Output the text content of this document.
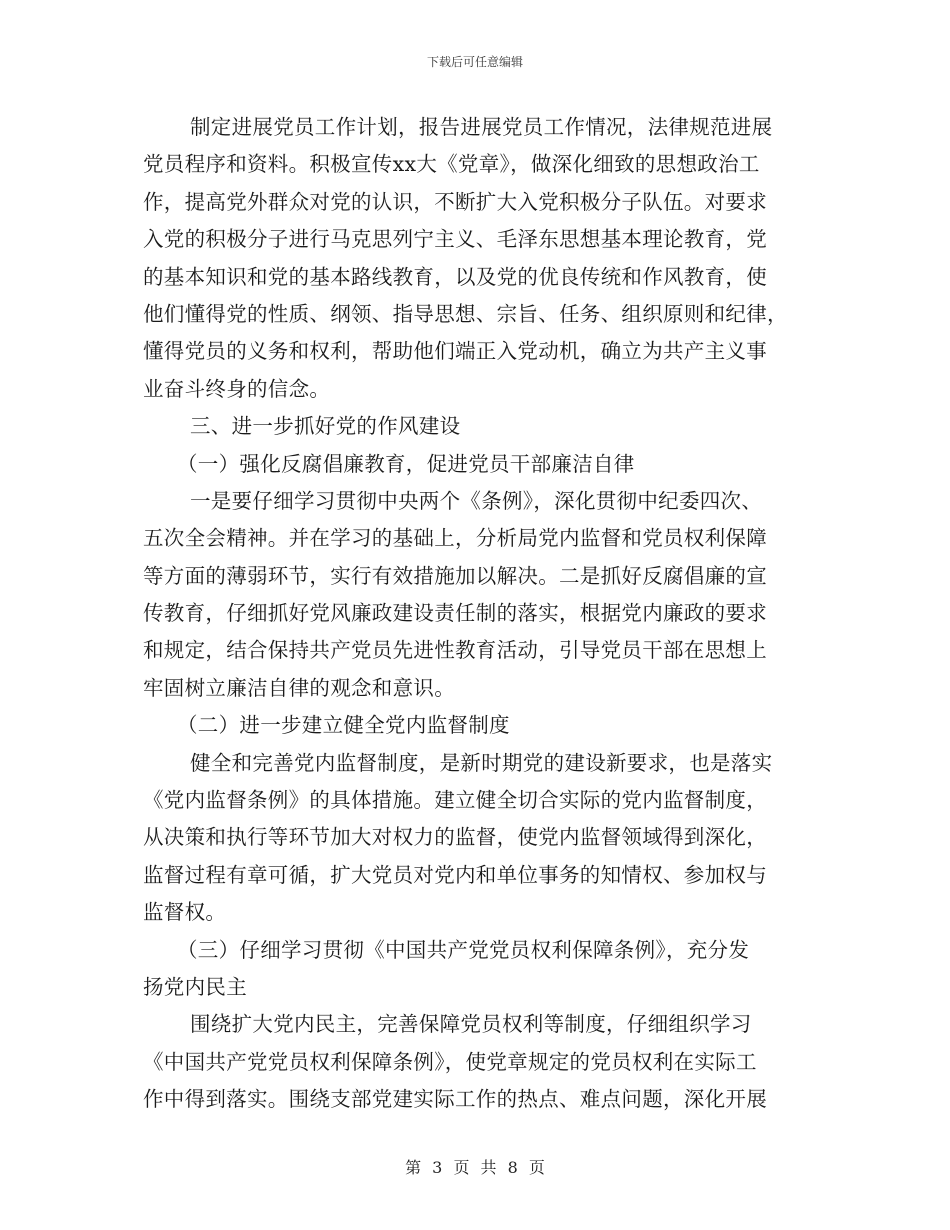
下载后可任意编辑
制定进展党员工作计划，报告进展党员工作情况，法律规范进展
党员程序和资料。积极宣传xx大《党章》，做深化细致的思想政治工
作，提高党外群众对党的认识，不断扩大入党积极分子队伍。对要求
入党的积极分子进行马克思列宁主义、毛泽东思想基本理论教育，党
的基本知识和党的基本路线教育，以及党的优良传统和作风教育，使
他们懂得党的性质、纲领、指导思想、宗旨、任务、组织原则和纪律，
懂得党员的义务和权利，帮助他们端正入党动机，确立为共产主义事
业奋斗终身的信念。
三、进一步抓好党的作风建设
（一）强化反腐倡廉教育，促进党员干部廉洁自律
一是要仔细学习贯彻中央两个《条例》，深化贯彻中纪委四次、
五次全会精神。并在学习的基础上，分析局党内监督和党员权利保障
等方面的薄弱环节，实行有效措施加以解决。二是抓好反腐倡廉的宣
传教育，仔细抓好党风廉政建设责任制的落实，根据党内廉政的要求
和规定，结合保持共产党员先进性教育活动，引导党员干部在思想上
牢固树立廉洁自律的观念和意识。
（二）进一步建立健全党内监督制度
健全和完善党内监督制度，是新时期党的建设新要求，也是落实
《党内监督条例》的具体措施。建立健全切合实际的党内监督制度，
从决策和执行等环节加大对权力的监督，使党内监督领域得到深化，
监督过程有章可循，扩大党员对党内和单位事务的知情权、参加权与
监督权。
（三）仔细学习贯彻《中国共产党党员权利保障条例》，充分发
扬党内民主
围绕扩大党内民主，完善保障党员权利等制度，仔细组织学习
《中国共产党党员权利保障条例》，使党章规定的党员权利在实际工
作中得到落实。围绕支部党建实际工作的热点、难点问题，深化开展
第 3 页 共 8 页
